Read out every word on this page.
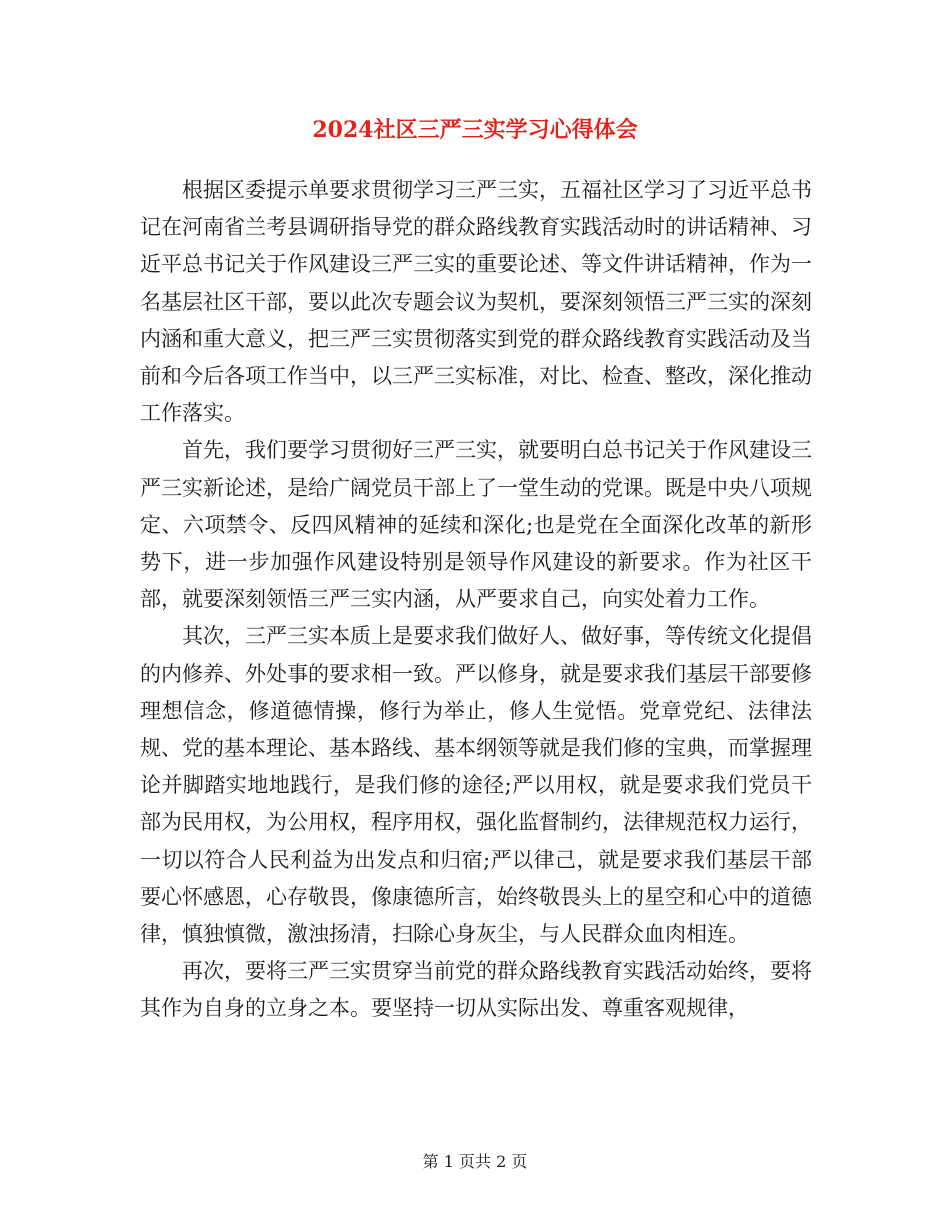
2024社区三严三实学习心得体会

根据区委提示单要求贯彻学习三严三实，五福社区学习了习近平总书记在河南省兰考县调研指导党的群众路线教育实践活动时的讲话精神、习近平总书记关于作风建设三严三实的重要论述、等文件讲话精神，作为一名基层社区干部，要以此次专题会议为契机，要深刻领悟三严三实的深刻内涵和重大意义，把三严三实贯彻落实到党的群众路线教育实践活动及当前和今后各项工作当中，以三严三实标准，对比、检查、整改，深化推动工作落实。

首先，我们要学习贯彻好三严三实，就要明白总书记关于作风建设三严三实新论述，是给广阔党员干部上了一堂生动的党课。既是中央八项规定、六项禁令、反四风精神的延续和深化;也是党在全面深化改革的新形势下，进一步加强作风建设特别是领导作风建设的新要求。作为社区干部，就要深刻领悟三严三实内涵，从严要求自己，向实处着力工作。

其次，三严三实本质上是要求我们做好人、做好事，等传统文化提倡的内修养、外处事的要求相一致。严以修身，就是要求我们基层干部要修理想信念，修道德情操，修行为举止，修人生觉悟。党章党纪、法律法规、党的基本理论、基本路线、基本纲领等就是我们修的宝典，而掌握理论并脚踏实地地践行，是我们修的途径;严以用权，就是要求我们党员干部为民用权，为公用权，程序用权，强化监督制约，法律规范权力运行，一切以符合人民利益为出发点和归宿;严以律己，就是要求我们基层干部要心怀感恩，心存敬畏，像康德所言，始终敬畏头上的星空和心中的道德律，慎独慎微，激浊扬清，扫除心身灰尘，与人民群众血肉相连。

再次，要将三严三实贯穿当前党的群众路线教育实践活动始终，要将其作为自身的立身之本。要坚持一切从实际出发、尊重客观规律，

第 1 页共 2 页
